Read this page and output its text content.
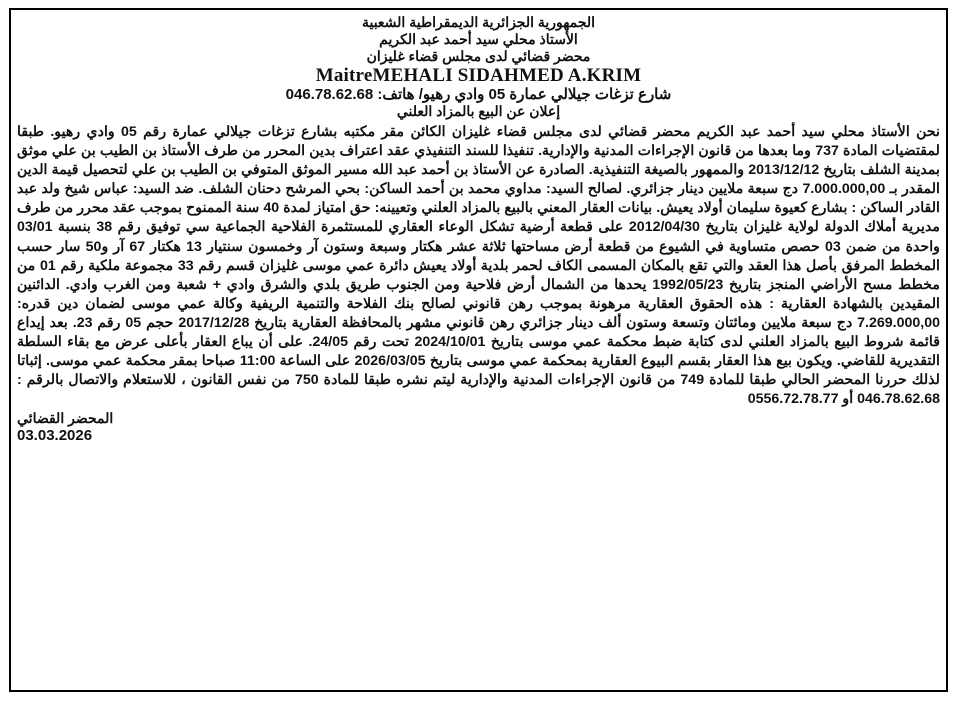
الجمهورية الجزائرية الديمقراطية الشعبية
الأستاذ محلي سيد أحمد عبد الكريم
محضر قضائي لدى مجلس قضاء غليزان
MaitreMEHALI SIDAHMED A.KRIM
شارع تزغات جيلالي عمارة 05 وادي رهيو/ هاتف: 046.78.62.68
إعلان عن البيع بالمزاد العلني

نحن الأستاذ محلي سيد أحمد عبد الكريم محضر قضائي لدى مجلس قضاء غليزان الكائن مقر مكتبه بشارع تزغات جيلالي عمارة رقم 05 وادي رهيو. طبقا لمقتضيات المادة 737 وما بعدها من قانون الإجراءات المدنية والإدارية. تنفيذا للسند التنفيذي عقد اعتراف بدين المحرر من طرف الأستاذ بن الطيب بن علي موثق بمدينة الشلف بتاريخ 2013/12/12 والممهور بالصيغة التنفيذية. الصادرة عن الأستاذ بن أحمد عبد الله مسير الموثق المتوفي بن الطيب بن علي لتحصيل قيمة الدين المقدر بـ 7.000.000,00 دج سبعة ملايين دينار جزائري. لصالح السيد: مداوي محمد بن أحمد الساكن: بحي المرشح دحنان الشلف. ضد السيد: عباس شيخ ولد عبد القادر الساكن : بشارع كعيوة سليمان أولاد يعيش. بيانات العقار المعني بالبيع بالمزاد العلني وتعيينه: حق امتياز لمدة 40 سنة الممنوح بموجب عقد محرر من طرف مديرية أملاك الدولة لولاية غليزان بتاريخ 2012/04/30 على قطعة أرضية تشكل الوعاء العقاري للمستثمرة الفلاحية الجماعية سي توفيق رقم 38 بنسبة 03/01 واحدة من ضمن 03 حصص متساوية في الشيوع من قطعة أرض مساحتها ثلاثة عشر هكتار وسبعة وستون آر وخمسون سنتيار 13 هكتار 67 آر و50 سار حسب المخطط المرفق بأصل هذا العقد والتي تقع بالمكان المسمى الكاف لحمر بلدية أولاد يعيش دائرة عمي موسى غليزان قسم رقم 33 مجموعة ملكية رقم 01 من مخطط مسح الأراضي المنجز بتاريخ 1992/05/23 يحدها من الشمال أرض فلاحية ومن الجنوب طريق بلدي والشرق وادي + شعبة ومن الغرب وادي. الدائنين المقيدين بالشهادة العقارية : هذه الحقوق العقارية مرهونة بموجب رهن قانوني لصالح بنك الفلاحة والتنمية الريفية وكالة عمي موسى لضمان دين قدره: 7.269.000,00 دج سبعة ملايين ومائتان وتسعة وستون ألف دينار جزائري رهن قانوني مشهر بالمحافظة العقارية بتاريخ 2017/12/28 حجم 05 رقم 23. بعد إيداع قائمة شروط البيع بالمزاد العلني لدى كتابة ضبط محكمة عمي موسى بتاريخ 2024/10/01 تحت رقم 24/05. على أن يباع العقار بأعلى عرض مع بقاء السلطة التقديرية للقاضي. ويكون بيع هذا العقار بقسم البيوع العقارية بمحكمة عمي موسى بتاريخ 2026/03/05 على الساعة 11:00 صباحا بمقر محكمة عمي موسى. إثباتا لذلك حررنا المحضر الحالي طبقا للمادة 749 من قانون الإجراءات المدنية والإدارية ليتم نشره طبقا للمادة 750 من نفس القانون ، للاستعلام والاتصال بالرقم : 046.78.62.68 أو 0556.72.78.77

المحضر القضائي
03.03.2026
